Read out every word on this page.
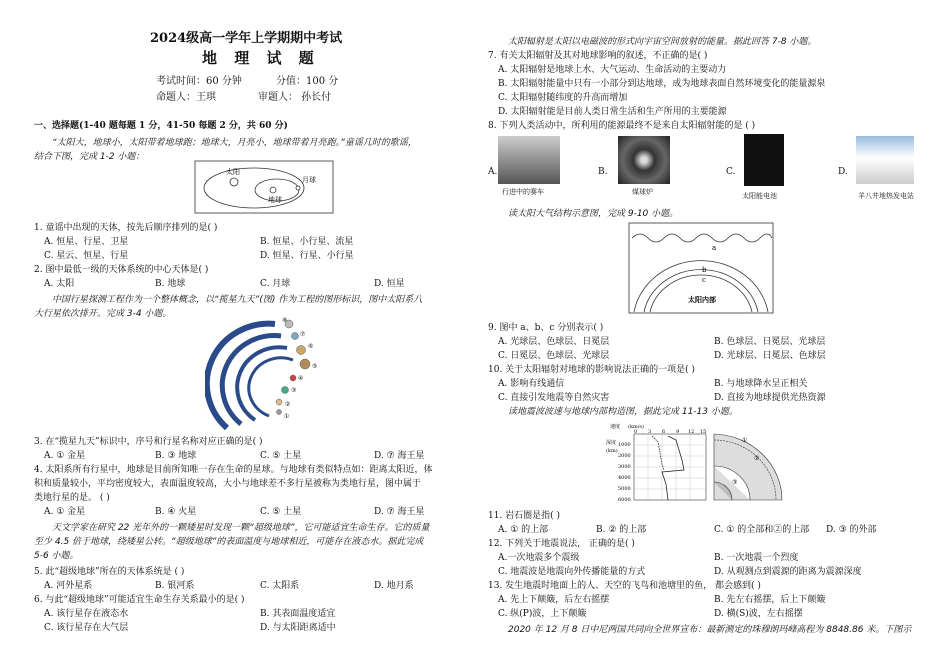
2024级高一学年上学期期中考试
地 理 试 题
考试时间：60 分钟	分值：100 分
命题人：王琪	审题人： 孙长付
一、选择题(1-40 题每题 1 分，41-50 每题 2 分，共 60 分)
“太阳大，地球小，太阳带着地球跑；地球大，月亮小，地球带着月亮跑。”童谣几时的歌谣，
结合下图，完成 1-2 小题：
太阳
地球
月球
1. 童谣中出现的天体，按先后顺序排列的是( )
A. 恒星、行星、卫星	B. 恒星、小行星、流星
C. 星云、恒星、行星	D. 恒星、行星、小行星
2. 图中最低一级的天体系统的中心天体是( )
A. 太阳	B. 地球	C. 月球	D. 恒星
中国行星探测工程作为一个整体概念，以“揽星九天”(图) 作为工程的图形标识，图中太阳系八
大行星依次排开。完成 3-4 小题。
⑧
⑦
⑥
⑤
④
③
②
①
3. 在“揽星九天”标识中，序号和行星名称对应正确的是( )
A. ① 金星	B. ③ 地球	C. ⑤ 土星	D. ⑦ 海王星
4. 太阳系所有行星中，地球是目前所知唯一存在生命的星球。与地球有类似特点如：距离太阳近，体
积和质量较小，平均密度较大，表面温度较高，大小与地球差不多行星被称为类地行星，图中属于
类地行星的是。 ( )
A. ① 金星	B. ④ 火星	C. ⑤ 土星	D. ⑦ 海王星
天文学家在研究 22 光年外的一颗矮星时发现一颗“超级地球”，它可能适宜生命生存。它的质量
至少 4.5 倍于地球，绕矮星公转。“超级地球”的表面温度与地球相近，可能存在液态水。据此完成
5-6 小题。
5. 此“超级地球”所在的天体系统是 ( )
A. 河外星系	B. 银河系	C. 太阳系	D. 地月系
6. 与此“超级地球”可能适宜生命生存关系最小的是( )
A. 该行星存在液态水	B. 其表面温度适宜
C. 该行星存在大气层	D. 与太阳距离适中
太阳辐射是太阳以电磁波的形式向宇宙空间放射的能量。据此回答 7-8 小题。
7. 有关太阳辐射及其对地球影响的叙述，不正确的是( )
A. 太阳辐射是地球上水、大气运动、生命活动的主要动力
B. 太阳辐射能量中只有一小部分到达地球，成为地球表面自然环境变化的能量源泉
C. 太阳辐射随纬度的升高而增加
D. 太阳辐射能是目前人类日常生活和生产所用的主要能源
8. 下列人类活动中，所利用的能源最终不是来自太阳辐射能的是 ( )
A.
行进中的赛车
B.
煤球炉
C.
太阳能电池
D.
羊八井地热发电站
读太阳大气结构示意图，完成 9-10 小题。
a
b
c
太阳内部
9. 图中 a、b、c 分别表示( )
A. 光球层、色球层、日冕层	B. 色球层、日冕层、光球层
C. 日冕层、色球层、光球层	D. 光球层、日冕层、色球层
10. 关于太阳辐射对地球的影响说法正确的一项是( )
A. 影响有线通信	B. 与地球降水呈正相关
C. 直接引发地震等自然灾害	D. 直接为地球提供光热资源
读地震波波速与地球内部构造图，据此完成 11-13 小题。
速度 (km/s)
深度
(km)
0 3 6 9 12 15
1000
2000
3000
4000
5000
6000
①
②
③
11. 岩石圈是指( )
A. ① 的上部	B. ② 的上部	C. ① 的全部和②的上部 D. ③ 的外部
12. 下列关于地震说法， 正确的是( )
A.一次地震多个震级	B. 一次地震一个烈度
C. 地震波是地震向外传播能量的方式	D. 从观测点到震源的距离为震源深度
13. 发生地震时地面上的人、天空的飞鸟和池塘里的鱼， 都会感到( )
A. 先上下颠簸，后左右摇摆	B. 先左右摇摆，后上下颠簸
C. 纵(P)波，上下颠簸	D. 横(S)波，左右摇摆
2020 年 12 月 8 日中尼两国共同向全世界宣布：最新测定的珠穆朗玛峰高程为 8848.86 米。下图示
